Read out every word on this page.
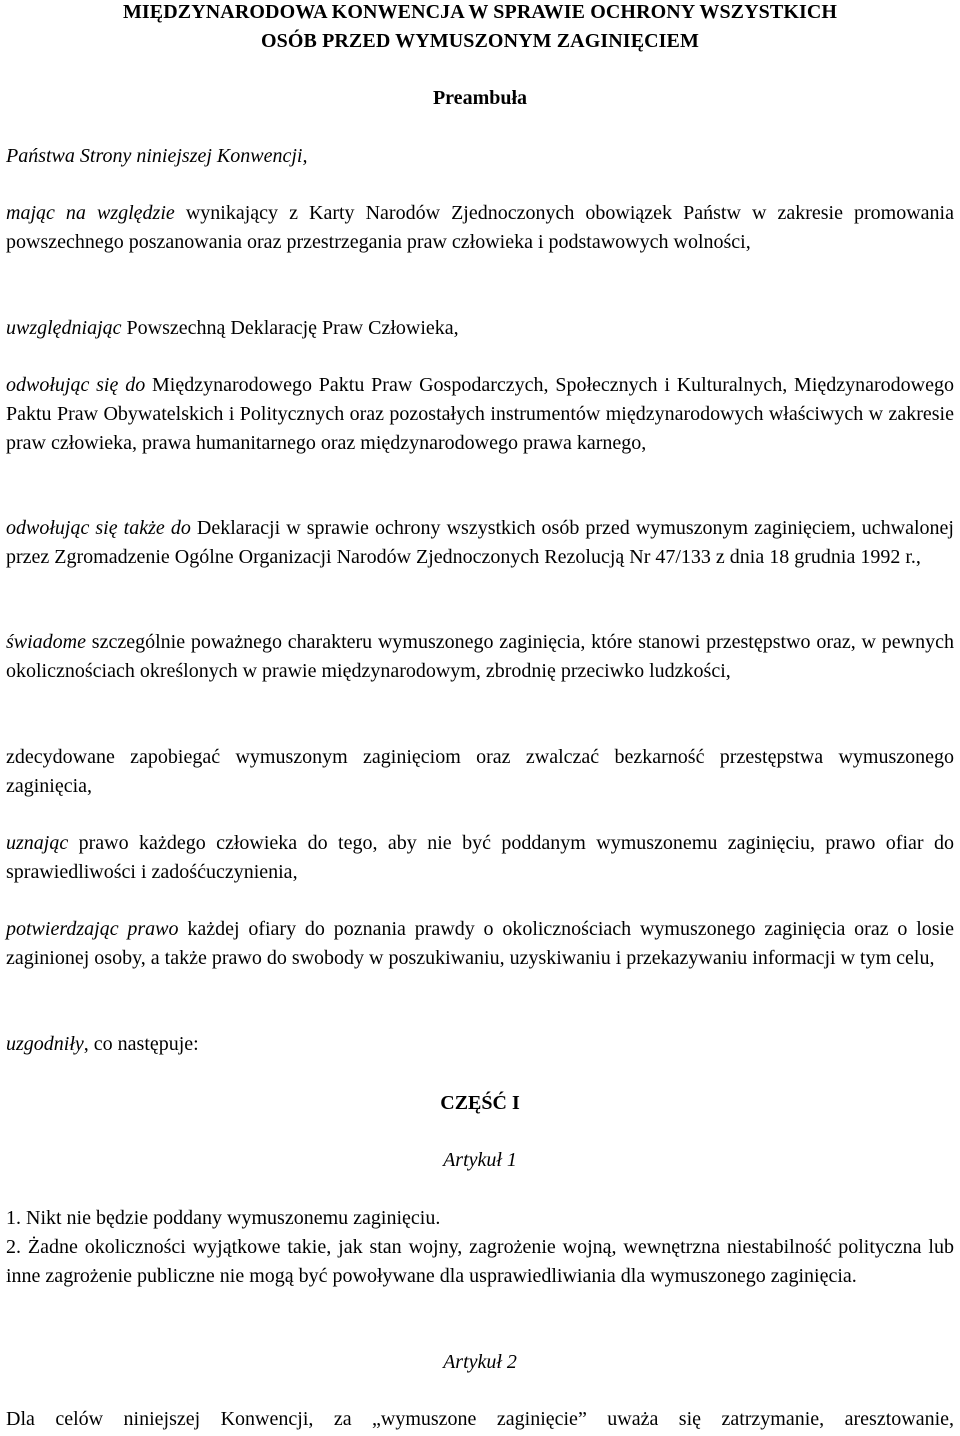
MIĘDZYNARODOWA KONWENCJA W SPRAWIE OCHRONY WSZYSTKICH

OSÓB PRZED WYMUSZONYM ZAGINIĘCIEM

Preambuła
Państwa Strony niniejszej Konwencji,

mając na względzie wynikający z Karty Narodów Zjednoczonych obowiązek Państw w zakresie promowania powszechnego poszanowania oraz przestrzegania praw człowieka i podstawowych wolności,

uwzględniając Powszechną Deklarację Praw Człowieka,

odwołując się do Międzynarodowego Paktu Praw Gospodarczych, Społecznych i Kulturalnych, Międzynarodowego Paktu Praw Obywatelskich i Politycznych oraz pozostałych instrumentów międzynarodowych właściwych w zakresie praw człowieka, prawa humanitarnego oraz międzynarodowego prawa karnego,

odwołując się także do Deklaracji w sprawie ochrony wszystkich osób przed wymuszonym zaginięciem, uchwalonej przez Zgromadzenie Ogólne Organizacji Narodów Zjednoczonych Rezolucją Nr 47/133 z dnia 18 grudnia 1992 r.,

świadome szczególnie poważnego charakteru wymuszonego zaginięcia, które stanowi przestępstwo oraz, w pewnych okolicznościach określonych w prawie międzynarodowym, zbrodnię przeciwko ludzkości,

zdecydowane zapobiegać wymuszonym zaginięciom oraz zwalczać bezkarność przestępstwa wymuszonego zaginięcia,

uznając prawo każdego człowieka do tego, aby nie być poddanym wymuszonemu zaginięciu, prawo ofiar do sprawiedliwości i zadośćuczynienia,

potwierdzając prawo każdej ofiary do poznania prawdy o okolicznościach wymuszonego zaginięcia oraz o losie zaginionej osoby, a także prawo do swobody w poszukiwaniu, uzyskiwaniu i przekazywaniu informacji w tym celu,

uzgodniły, co następuje:

CZĘŚĆ I
Artykuł 1

1. Nikt nie będzie poddany wymuszonemu zaginięciu.

2. Żadne okoliczności wyjątkowe takie, jak stan wojny, zagrożenie wojną, wewnętrzna niestabilność polityczna lub inne zagrożenie publiczne nie mogą być powoływane dla usprawiedliwiania dla wymuszonego zaginięcia.

Artykuł 2

Dla celów niniejszej Konwencji, za „wymuszone zaginięcie” uważa się zatrzymanie, aresztowanie,
